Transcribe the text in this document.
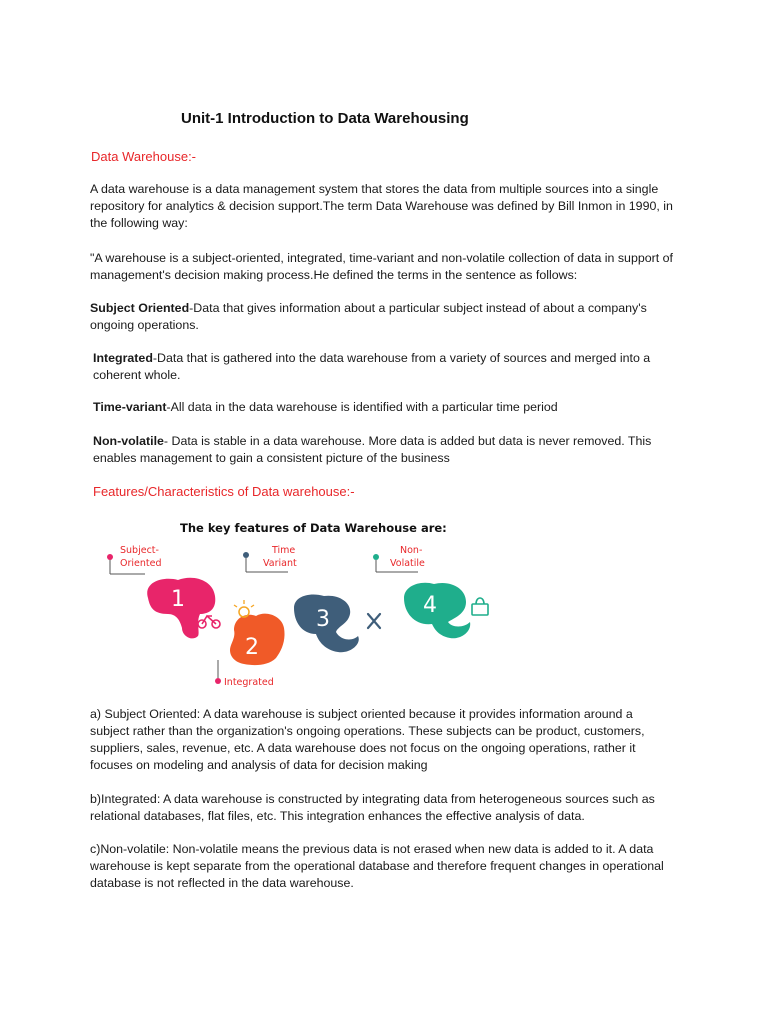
Unit-1 Introduction to Data Warehousing
Data Warehouse:-
A data warehouse is a data management system that stores the data from multiple sources into a single repository for analytics & decision support.The term Data Warehouse was defined by Bill Inmon in 1990, in the following way:
"A warehouse is a subject-oriented, integrated, time-variant and non-volatile collection of data in support of management's decision making process.He defined the terms in the sentence as follows:
Subject Oriented-Data that gives information about a particular subject instead of about a company's ongoing operations.
Integrated-Data that is gathered into the data warehouse from a variety of sources and merged into a coherent whole.
Time-variant-All data in the data warehouse is identified with a particular time period
Non-volatile- Data is stable in a data warehouse. More data is added but data is never removed. This enables management to gain a consistent picture of the business
Features/Characteristics of Data warehouse:-
The key features of Data Warehouse are:
Subject-
Oriented
Time
Variant
Non-
Volatile
1
2
3
4
Integrated
a) Subject Oriented: A data warehouse is subject oriented because it provides information around a subject rather than the organization's ongoing operations. These subjects can be product, customers, suppliers, sales, revenue, etc. A data warehouse does not focus on the ongoing operations, rather it focuses on modeling and analysis of data for decision making
b)Integrated: A data warehouse is constructed by integrating data from heterogeneous sources such as relational databases, flat files, etc. This integration enhances the effective analysis of data.
c)Non-volatile: Non-volatile means the previous data is not erased when new data is added to it. A data warehouse is kept separate from the operational database and therefore frequent changes in operational database is not reflected in the data warehouse.
